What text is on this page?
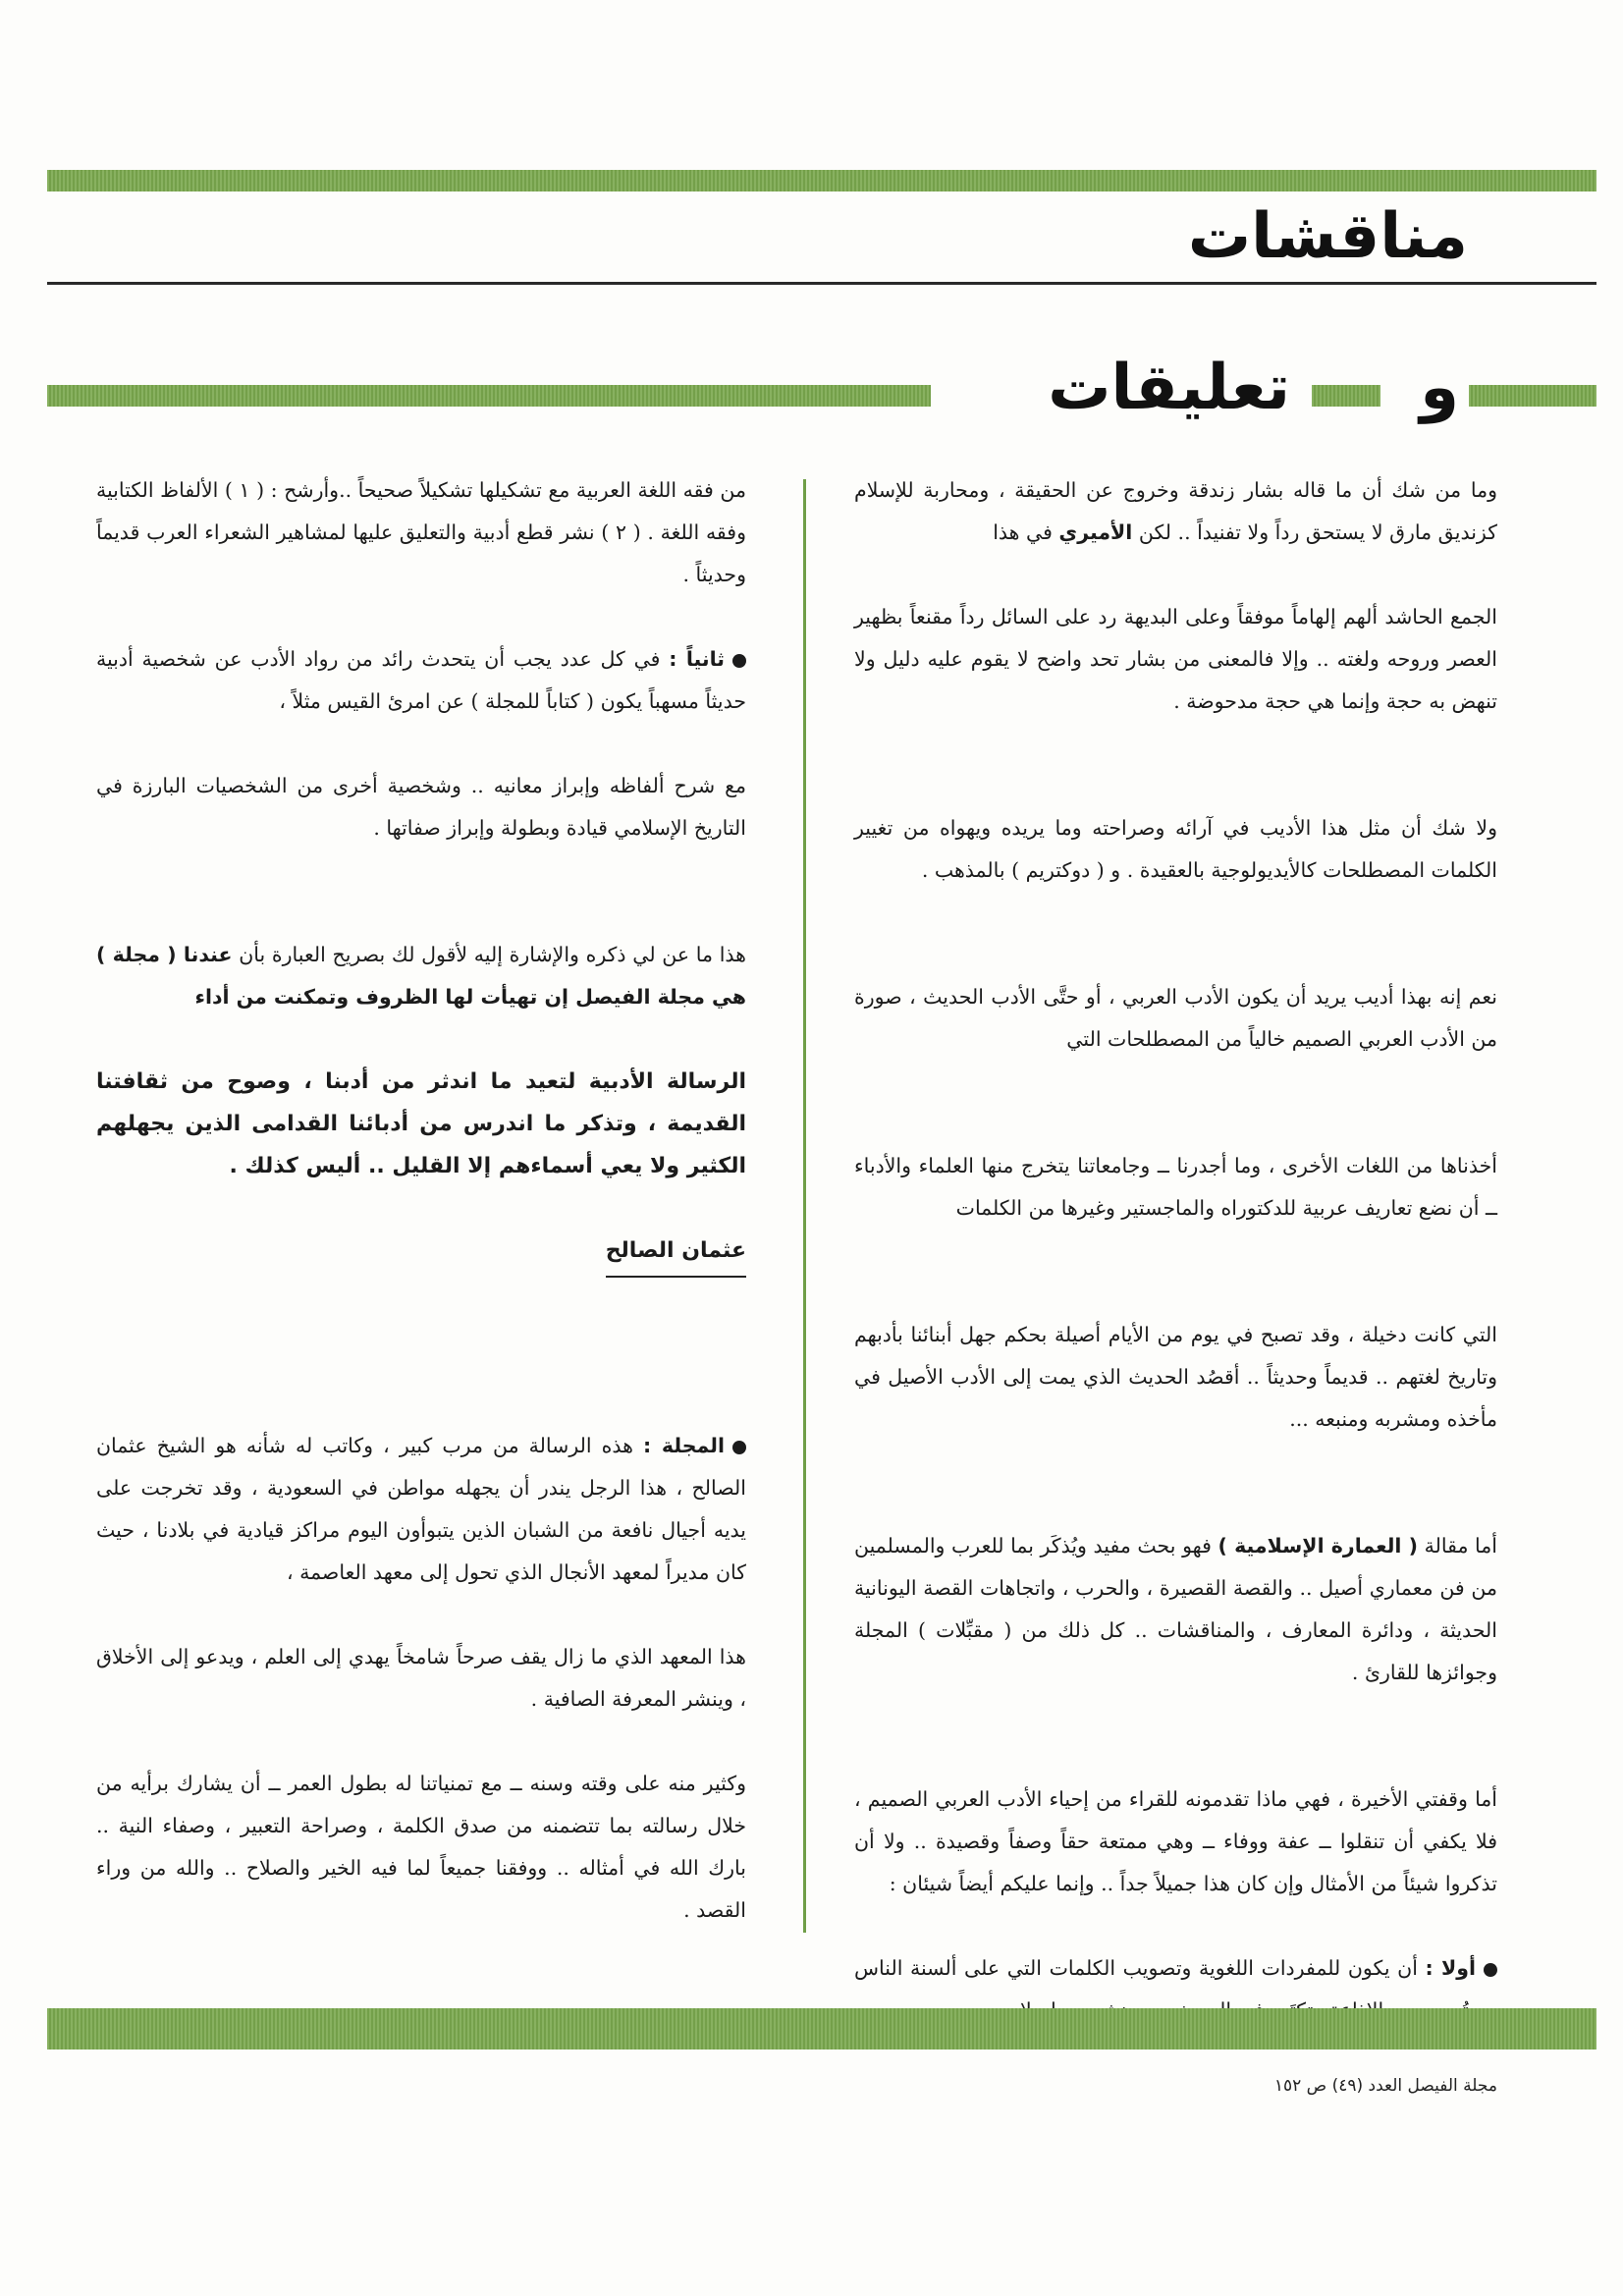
مناقشات
و
تعليقات

وما من شك أن ما قاله بشار زندقة وخروج عن الحقيقة ، ومحاربة للإسلام كزنديق مارق لا يستحق رداً ولا تفنيداً .. لكن الأميري في هذا

الجمع الحاشد ألهم إلهاماً موفقاً وعلى البديهة رد على السائل رداً مقنعاً بظهير العصر وروحه ولغته .. وإلا فالمعنى من بشار تحد واضح لا يقوم عليه دليل ولا تنهض به حجة وإنما هي حجة مدحوضة .

ولا شك أن مثل هذا الأديب في آرائه وصراحته وما يريده ويهواه من تغيير الكلمات المصطلحات كالأيديولوجية بالعقيدة . و ( دوكتريم ) بالمذهب .

نعم إنه بهذا أديب يريد أن يكون الأدب العربي ، أو حتَّى الأدب الحديث ، صورة من الأدب العربي الصميم خالياً من المصطلحات التي

أخذناها من اللغات الأخرى ، وما أجدرنا ــ وجامعاتنا يتخرج منها العلماء والأدباء ــ أن نضع تعاريف عربية للدكتوراه والماجستير وغيرها من الكلمات

التي كانت دخيلة ، وقد تصبح في يوم من الأيام أصيلة بحكم جهل أبنائنا بأدبهم وتاريخ لغتهم .. قديماً وحديثاً .. أقصُد الحديث الذي يمت إلى الأدب الأصيل في مأخذه ومشربه ومنبعه ...

أما مقالة ( العمارة الإسلامية ) فهو بحث مفيد ويُذكَر بما للعرب والمسلمين من فن معماري أصيل .. والقصة القصيرة ، والحرب ، واتجاهات القصة اليونانية الحديثة ، ودائرة المعارف ، والمناقشات .. كل ذلك من ( مقبِّلات ) المجلة وجوائزها للقارئ .

أما وقفتي الأخيرة ، فهي ماذا تقدمونه للقراء من إحياء الأدب العربي الصميم ، فلا يكفي أن تنقلوا ــ عفة ووفاء ــ وهي ممتعة حقاً وصفاً وقصيدة .. ولا أن تذكروا شيئاً من الأمثال وإن كان هذا جميلاً جداً .. وإنما عليكم أيضاً شيئان :

أولا : أن يكون للمفردات اللغوية وتصويب الكلمات التي على ألسنة الناس

من فقه اللغة العربية مع تشكيلها تشكيلاً صحيحاً ..وأرشح : ( ١ ) الألفاظ الكتابية وفقه اللغة . ( ٢ ) نشر قطع أدبية والتعليق عليها لمشاهير الشعراء العرب قديماً وحديثاً .

ثانياً : في كل عدد يجب أن يتحدث رائد من رواد الأدب عن شخصية أدبية حديثاً مسهباً يكون ( كتاباً للمجلة ) عن امرئ القيس مثلاً ،

مع شرح ألفاظه وإبراز معانيه .. وشخصية أخرى من الشخصيات البارزة في التاريخ الإسلامي قيادة وبطولة وإبراز صفاتها .

هذا ما عن لي ذكره والإشارة إليه لأقول لك بصريح العبارة بأن عندنا ( مجلة ) هي مجلة الفيصل إن تهيأت لها الظروف وتمكنت من أداء

الرسالة الأدبية لتعيد ما اندثر من أدبنا ، وصوح من ثقافتنا القديمة ، وتذكر ما اندرس من أدبائنا القدامى الذين يجهلهم الكثير ولا يعي أسماءهم إلا القليل .. أليس كذلك .

عثمان الصالح

المجلة : هذه الرسالة من مرب كبير ، وكاتب له شأنه هو الشيخ عثمان الصالح ، هذا الرجل يندر أن يجهله مواطن في السعودية ، وقد تخرجت على يديه أجيال نافعة من الشبان الذين يتبوأون اليوم مراكز قيادية في بلادنا ، حيث كان مديراً لمعهد الأنجال الذي تحول إلى معهد العاصمة ،

هذا المعهد الذي ما زال يقف صرحاً شامخاً يهدي إلى العلم ، ويدعو إلى الأخلاق ، وينشر المعرفة الصافية .

وكثير منه على وقته وسنه ــ مع تمنياتنا له بطول العمر ــ أن يشارك برأيه من خلال رسالته بما تتضمنه من صدق الكلمة ، وصراحة التعبير ، وصفاء النية .. بارك الله في أمثاله .. ووفقنا جميعاً لما فيه الخير والصلاح .. والله من وراء القصد .

مجلة الفيصل العدد (٤٩) ص ١٥٢
